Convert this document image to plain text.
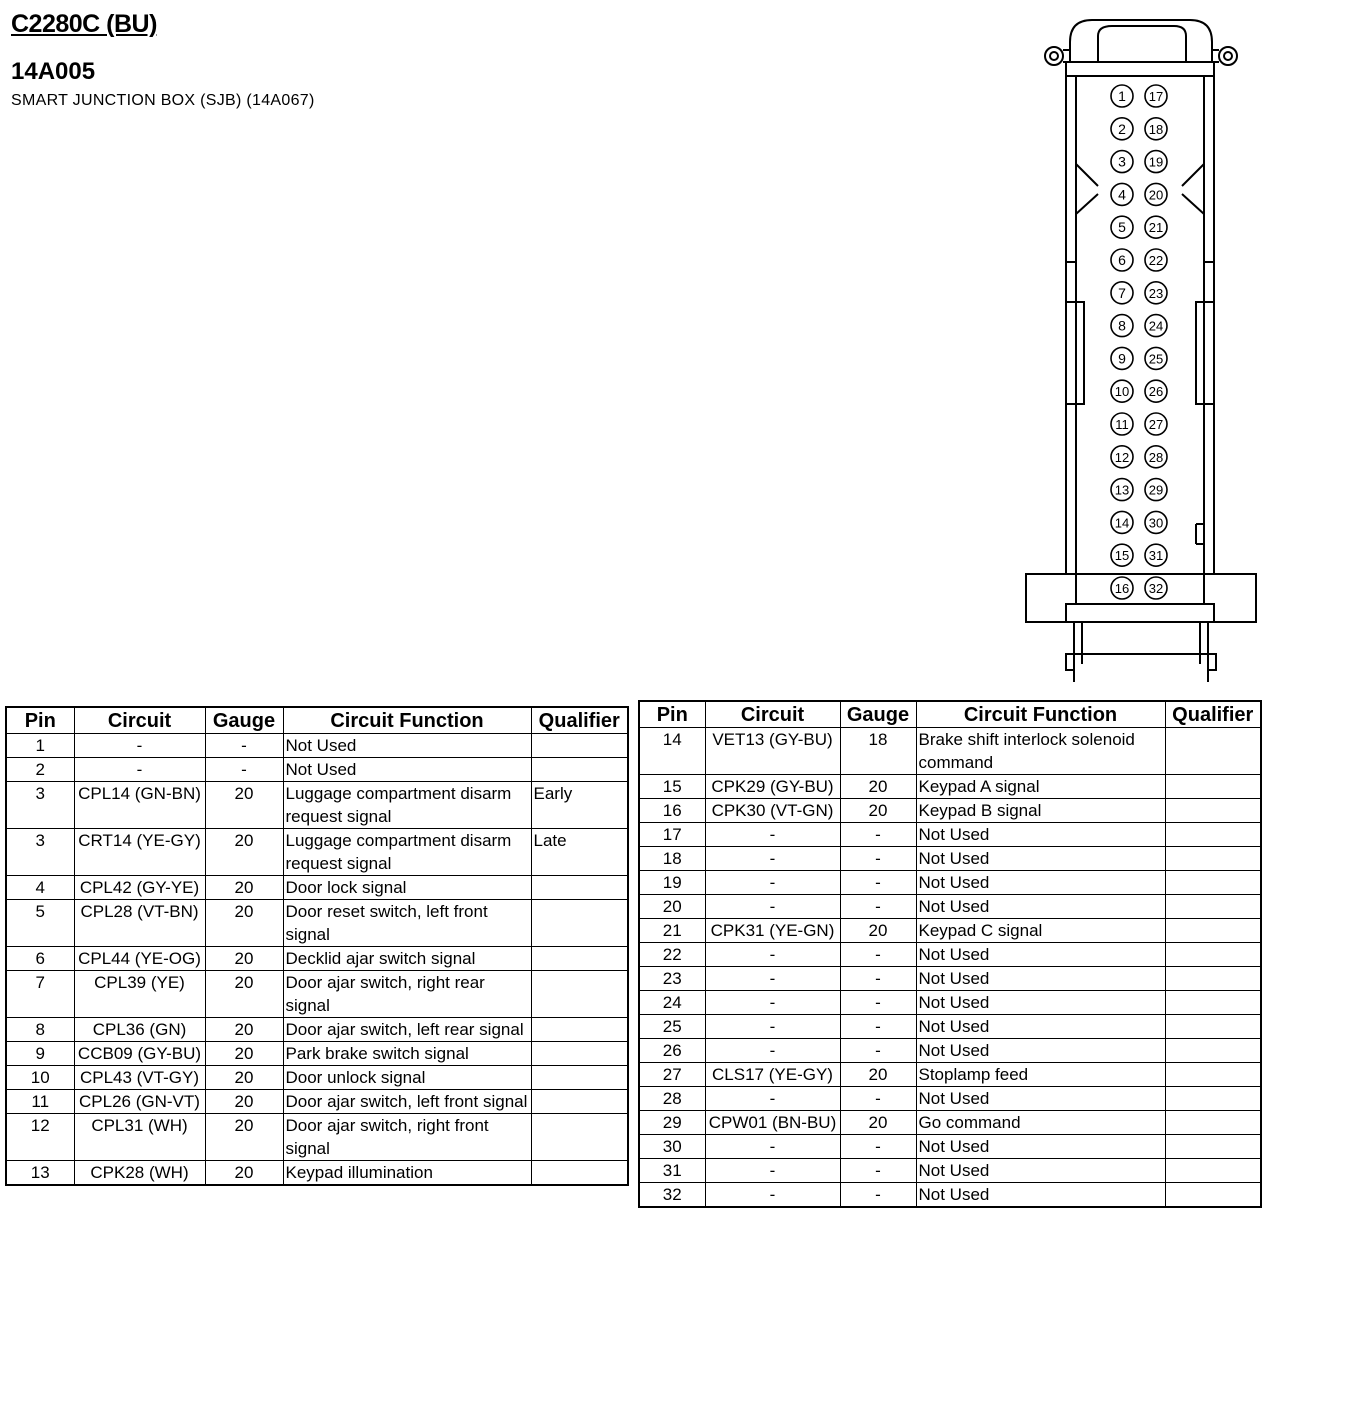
C2280C (BU)
14A005
SMART JUNCTION BOX (SJB) (14A067)	1
2
3
4
5
6
7
8
9
10
11
12
13
14
15
16
17
18
19
20
21
22
23
24
25
26
27
28
29
30
31
32
Pin	Circuit	Gauge	Circuit Function	Qualifier
1	-	-	Not Used	
2	-	-	Not Used	
3	CPL14 (GN-BN)	20	Luggage compartment disarm request signal	Early
3	CRT14 (YE-GY)	20	Luggage compartment disarm request signal	Late
4	CPL42 (GY-YE)	20	Door lock signal	
5	CPL28 (VT-BN)	20	Door reset switch, left front signal	
6	CPL44 (YE-OG)	20	Decklid ajar switch signal	
7	CPL39 (YE)	20	Door ajar switch, right rear signal	
8	CPL36 (GN)	20	Door ajar switch, left rear signal	
9	CCB09 (GY-BU)	20	Park brake switch signal	
10	CPL43 (VT-GY)	20	Door unlock signal	
11	CPL26 (GN-VT)	20	Door ajar switch, left front signal	
12	CPL31 (WH)	20	Door ajar switch, right front signal	
13	CPK28 (WH)	20	Keypad illumination	
Pin	Circuit	Gauge	Circuit Function	Qualifier
14	VET13 (GY-BU)	18	Brake shift interlock solenoid command	
15	CPK29 (GY-BU)	20	Keypad A signal	
16	CPK30 (VT-GN)	20	Keypad B signal	
17	-	-	Not Used	
18	-	-	Not Used	
19	-	-	Not Used	
20	-	-	Not Used	
21	CPK31 (YE-GN)	20	Keypad C signal	
22	-	-	Not Used	
23	-	-	Not Used	
24	-	-	Not Used	
25	-	-	Not Used	
26	-	-	Not Used	
27	CLS17 (YE-GY)	20	Stoplamp feed	
28	-	-	Not Used	
29	CPW01 (BN-BU)	20	Go command	
30	-	-	Not Used	
31	-	-	Not Used	
32	-	-	Not Used	
